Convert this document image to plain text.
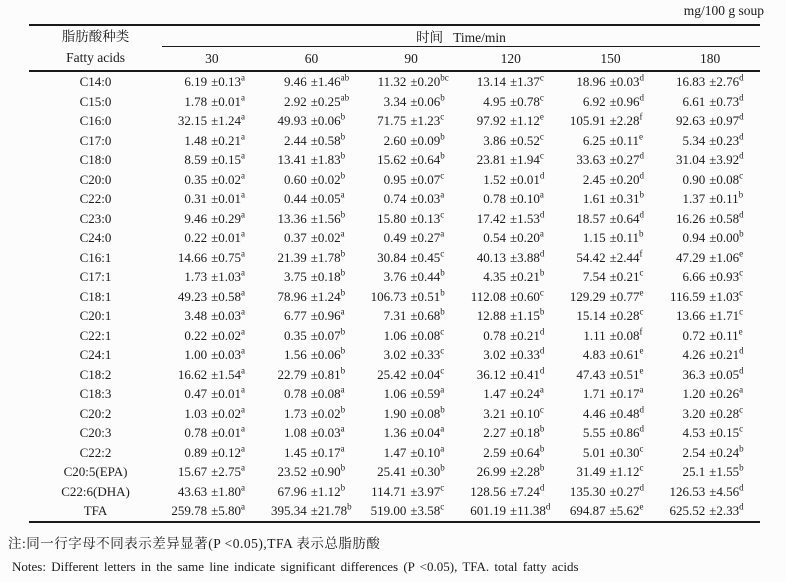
mg/100 g soup
脂肪酸种类
Fatty acids	时间 Time/min					
	30	60	90	120	150	180
C14:0	6.19 ±0.13$^a$	9.46 ±1.46$^{ab}$	11.32 ±0.20$^{bc}$	13.14 ±1.37$^c$	18.96 ±0.03$^d$	16.83 ±2.76$^d$
C15:0	1.78 ±0.01$^a$	2.92 ±0.25$^{ab}$	3.34 ±0.06$^b$	4.95 ±0.78$^c$	6.92 ±0.96$^d$	6.61 ±0.73$^d$
C16:0	32.15 ±1.24$^a$	49.93 ±0.06$^b$	71.75 ±1.23$^c$	97.92 ±1.12$^e$	105.91 ±2.28$^f$	92.63 ±0.97$^d$
C17:0	1.48 ±0.21$^a$	2.44 ±0.58$^b$	2.60 ±0.09$^b$	3.86 ±0.52$^c$	6.25 ±0.11$^e$	5.34 ±0.23$^d$
C18:0	8.59 ±0.15$^a$	13.41 ±1.83$^b$	15.62 ±0.64$^b$	23.81 ±1.94$^c$	33.63 ±0.27$^d$	31.04 ±3.92$^d$
C20:0	0.35 ±0.02$^a$	0.60 ±0.02$^b$	0.95 ±0.07$^c$	1.52 ±0.01$^d$	2.45 ±0.20$^d$	0.90 ±0.08$^c$
C22:0	0.31 ±0.01$^a$	0.44 ±0.05$^a$	0.74 ±0.03$^a$	0.78 ±0.10$^a$	1.61 ±0.31$^b$	1.37 ±0.11$^b$
C23:0	9.46 ±0.29$^a$	13.36 ±1.56$^b$	15.80 ±0.13$^c$	17.42 ±1.53$^d$	18.57 ±0.64$^d$	16.26 ±0.58$^d$
C24:0	0.22 ±0.01$^a$	0.37 ±0.02$^a$	0.49 ±0.27$^a$	0.54 ±0.20$^a$	1.15 ±0.11$^b$	0.94 ±0.00$^b$
C16:1	14.66 ±0.75$^a$	21.39 ±1.78$^b$	30.84 ±0.45$^c$	40.13 ±3.88$^d$	54.42 ±2.44$^f$	47.29 ±1.06$^e$
C17:1	1.73 ±1.03$^a$	3.75 ±0.18$^b$	3.76 ±0.44$^b$	4.35 ±0.21$^b$	7.54 ±0.21$^c$	6.66 ±0.93$^c$
C18:1	49.23 ±0.58$^a$	78.96 ±1.24$^b$	106.73 ±0.51$^b$	112.08 ±0.60$^c$	129.29 ±0.77$^e$	116.59 ±1.03$^c$
C20:1	3.48 ±0.03$^a$	6.77 ±0.96$^a$	7.31 ±0.68$^b$	12.88 ±1.15$^b$	15.14 ±0.28$^c$	13.66 ±1.71$^c$
C22:1	0.22 ±0.02$^a$	0.35 ±0.07$^b$	1.06 ±0.08$^c$	0.78 ±0.21$^d$	1.11 ±0.08$^f$	0.72 ±0.11$^e$
C24:1	1.00 ±0.03$^a$	1.56 ±0.06$^b$	3.02 ±0.33$^c$	3.02 ±0.33$^d$	4.83 ±0.61$^e$	4.26 ±0.21$^d$
C18:2	16.62 ±1.54$^a$	22.79 ±0.81$^b$	25.42 ±0.04$^c$	36.12 ±0.41$^d$	47.43 ±0.51$^e$	36.3 ±0.05$^d$
C18:3	0.47 ±0.01$^a$	0.78 ±0.08$^a$	1.06 ±0.59$^a$	1.47 ±0.24$^a$	1.71 ±0.17$^a$	1.20 ±0.26$^a$
C20:2	1.03 ±0.02$^a$	1.73 ±0.02$^b$	1.90 ±0.08$^b$	3.21 ±0.10$^c$	4.46 ±0.48$^d$	3.20 ±0.28$^c$
C20:3	0.78 ±0.01$^a$	1.08 ±0.03$^a$	1.36 ±0.04$^a$	2.27 ±0.18$^b$	5.55 ±0.86$^d$	4.53 ±0.15$^c$
C22:2	0.89 ±0.12$^a$	1.45 ±0.17$^a$	1.47 ±0.10$^a$	2.59 ±0.64$^b$	5.01 ±0.30$^c$	2.54 ±0.24$^b$
C20:5(EPA)	15.67 ±2.75$^a$	23.52 ±0.90$^b$	25.41 ±0.30$^b$	26.99 ±2.28$^b$	31.49 ±1.12$^c$	25.1 ±1.55$^b$
C22:6(DHA)	43.63 ±1.80$^a$	67.96 ±1.12$^b$	114.71 ±3.97$^c$	128.56 ±7.24$^d$	135.30 ±0.27$^d$	126.53 ±4.56$^d$
TFA	259.78 ±5.80$^a$	395.34 ±21.78$^b$	519.00 ±3.58$^c$	601.19 ±11.38$^d$	694.87 ±5.62$^e$	625.52 ±2.33$^d$
注:同一行字母不同表示差异显著(P <0.05),TFA 表示总脂肪酸
Notes: Different letters in the same line indicate significant differences (P <0.05), TFA. total fatty acids
